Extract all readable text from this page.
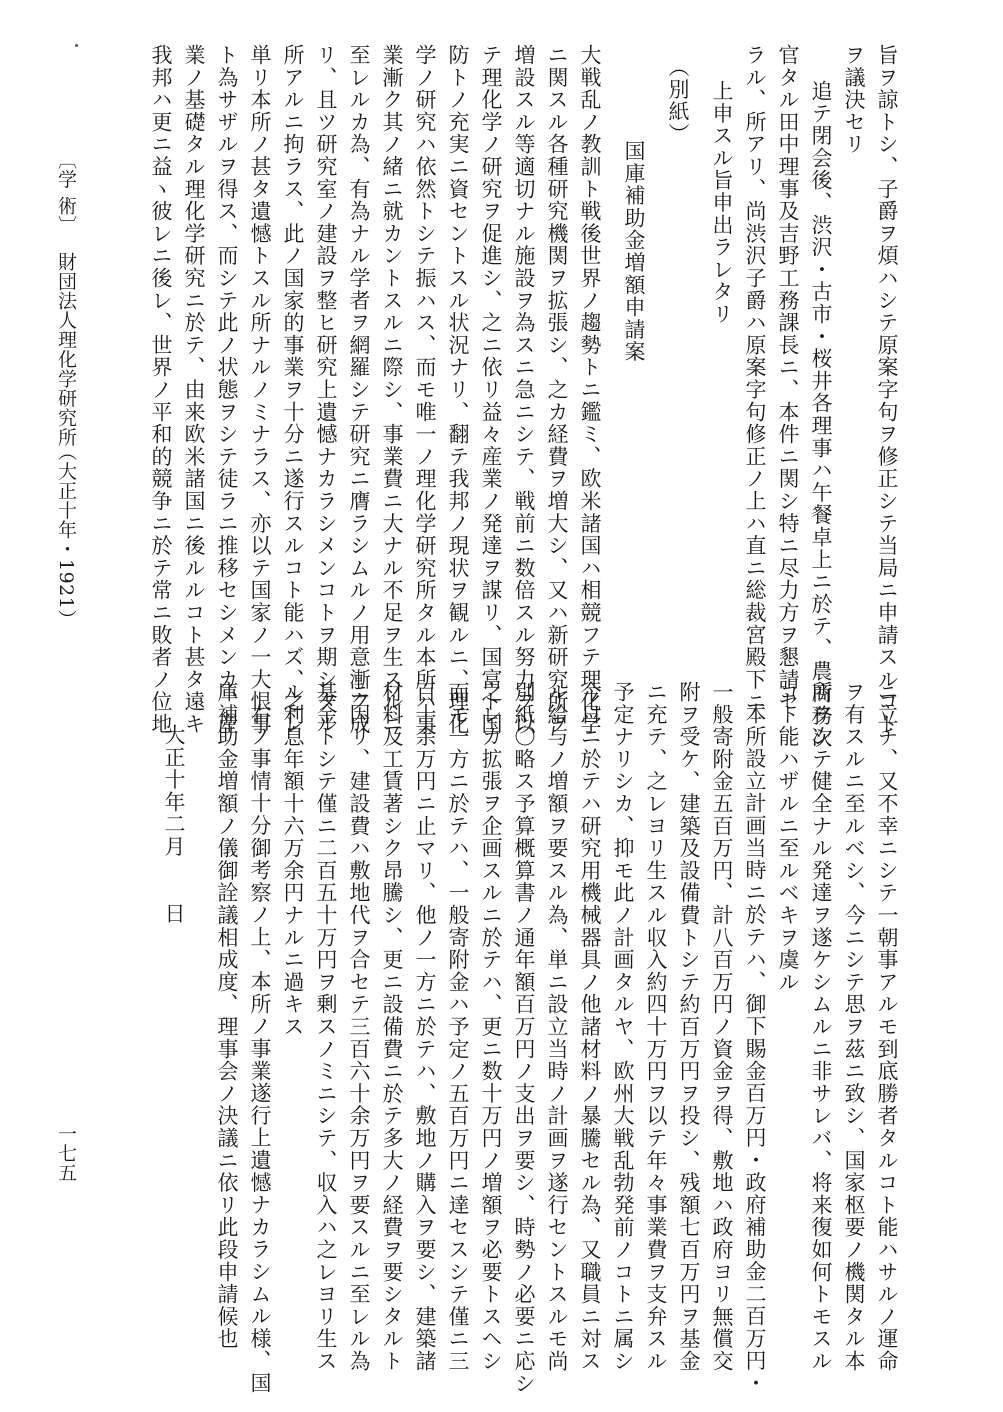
旨ヲ諒トシ、子爵ヲ煩ハシテ原案字句ヲ修正シテ当局ニ申請スルコト
ヲ議決セリ
追テ閉会後、渋沢・古市・桜井各理事ハ午餐卓上ニ於テ、農商務次
官タル田中理事及吉野工務課長ニ、本件ニ関シ特ニ尽力方ヲ懇請セ
ラル、所アリ、尚渋沢子爵ハ原案字句修正ノ上ハ直ニ総裁宮殿下ニ
上申スル旨申出ラレタリ
（別紙）
国庫補助金増額申請案
大戦乱ノ教訓ト戦後世界ノ趨勢トニ鑑ミ、欧米諸国ハ相競フテ理化学
ニ関スル各種研究機関ヲ拡張シ、之カ経費ヲ増大シ、又ハ新研究所ヲ
増設スル等適切ナル施設ヲ為スニ急ニシテ、戦前ニ数倍スル努力ヲ以
テ理化学ノ研究ヲ促進シ、之ニ依リ益々産業ノ発達ヲ謀リ、国富ト国
防トノ充実ニ資セントスル状況ナリ、翻テ我邦ノ現状ヲ観ルニ、理化
学ノ研究ハ依然トシテ振ハス、而モ唯一ノ理化学研究所タル本所ハ事
業漸ク其ノ緒ニ就カントスルニ際シ、事業費ニ大ナル不足ヲ生スルニ
至レルカ為、有為ナル学者ヲ網羅シテ研究ニ膺ラシムルノ用意漸ク成
リ、且ツ研究室ノ建設ヲ整ヒ研究上遺憾ナカラシメンコトヲ期シタル
所アルニ拘ラス、此ノ国家的事業ヲ十分ニ遂行スルコト能ハズ、之レ
単リ本所ノ甚タ遺憾トスル所ナルノミナラス、亦以テ国家ノ一大恨事
ト為サザルヲ得ス、而シテ此ノ状態ヲシテ徒ラニ推移セシメンカ、産
業ノ基礎タル理化学研究ニ於テ、由来欧米諸国ニ後ルルコト甚タ遠キ
我邦ハ更ニ益ヽ彼レニ後レ、世界ノ平和的競争ニ於テ常ニ敗者ノ位地
〔学 術〕
財団法人理化学研究所
（大正十年・1921）
ニ立チ、又不幸ニシテ一朝事アルモ到底勝者タルコト能ハサルノ運命
ヲ有スルニ至ルベシ、今ニシテ思ヲ茲ニ致シ、国家枢要ノ機関タル本
所ヲシテ健全ナル発達ヲ遂ケシムルニ非サレバ、将来復如何トモスル
コト能ハザルニ至ルベキヲ虞ル
本所設立計画当時ニ於テハ、御下賜金百万円・政府補助金二百万円・
一般寄附金五百万円、計八百万円ノ資金ヲ得、敷地ハ政府ヨリ無償交
附ヲ受ケ、建築及設備費トシテ約百万円ヲ投シ、残額七百万円ヲ基金
ニ充テ、之レヨリ生スル収入約四十万円ヲ以テ年々事業費ヲ支弁スル
予定ナリシカ、抑モ此ノ計画タルヤ、欧州大戦乱勃発前ノコトニ属シ
今日ニ於テハ研究用機械器具ノ他諸材料ノ暴騰セル為、又職員ニ対ス
ル給与ノ増額ヲ要スル為、単ニ設立当時ノ計画ヲ遂行セントスルモ尚
別紙〇略ス予算概算書ノ通年額百万円ノ支出ヲ要シ、時勢ノ必要ニ応シ
之レカ拡張ヲ企画スルニ於テハ、更ニ数十万円ノ増額ヲ必要トスヘシ
而モ一方ニ於テハ、一般寄附金ハ予定ノ五百万円ニ達セスシテ僅ニ三
百十余万円ニ止マリ、他ノ一方ニ於テハ、敷地ノ購入ヲ要シ、建築諸
材料及工賃著シク昂騰シ、更ニ設備費ニ於テ多大ノ経費ヲ要シタルト
ニ因リ、建設費ハ敷地代ヲ合セテ三百六十余万円ヲ要スルニ至レル為
基金トシテ僅ニ二百五十万円ヲ剰スノミニシテ、収入ハ之レヨリ生ス
ル利息年額十六万余円ナルニ過キス
右ノ事情十分御考察ノ上、本所ノ事業遂行上遺憾ナカラシムル様、国
庫補助金増額ノ儀御詮議相成度、理事会ノ決議ニ依リ此段申請候也
大正十年二月　　日
一七五
